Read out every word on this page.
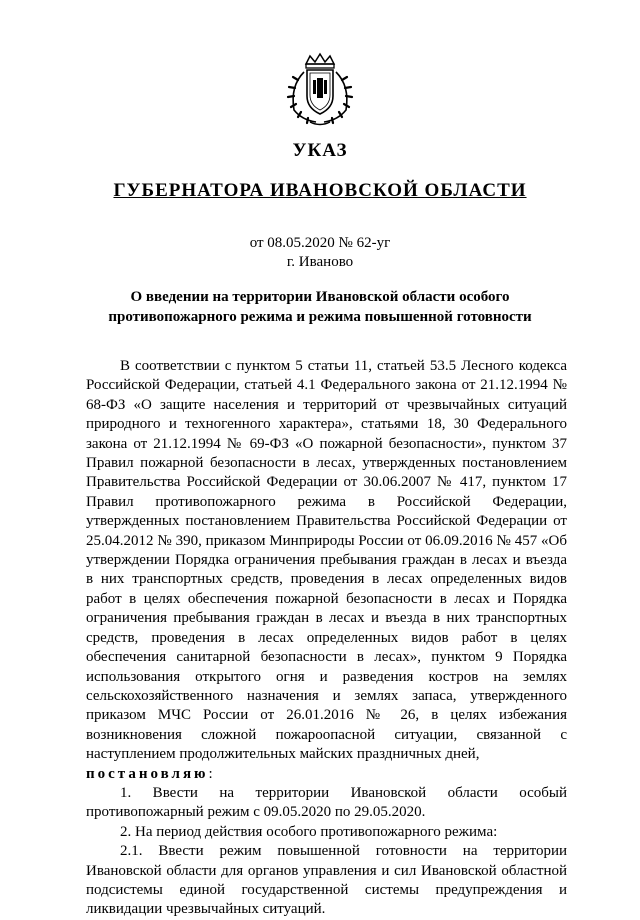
УКАЗ
ГУБЕРНАТОРА ИВАНОВСКОЙ ОБЛАСТИ
от 08.05.2020 № 62-уг
г. Иваново
О введении на территории Ивановской области особого
противопожарного режима и режима повышенной готовности

В соответствии с пунктом 5 статьи 11, статьей 53.5 Лесного кодекса Российской Федерации, статьей 4.1 Федерального закона от 21.12.1994 № 68-ФЗ «О защите населения и территорий от чрезвычайных ситуаций природного и техногенного характера», статьями 18, 30 Федерального закона от 21.12.1994 № 69-ФЗ «О пожарной безопасности», пунктом 37 Правил пожарной безопасности в лесах, утвержденных постановлением Правительства Российской Федерации от 30.06.2007 № 417, пунктом 17 Правил противопожарного режима в Российской Федерации, утвержденных постановлением Правительства Российской Федерации от 25.04.2012 № 390, приказом Минприроды России от 06.09.2016 № 457 «Об утверждении Порядка ограничения пребывания граждан в лесах и въезда в них транспортных средств, проведения в лесах определенных видов работ в целях обеспечения пожарной безопасности в лесах и Порядка ограничения пребывания граждан в лесах и въезда в них транспортных средств, проведения в лесах определенных видов работ в целях обеспечения санитарной безопасности в лесах», пунктом 9 Порядка использования открытого огня и разведения костров на землях сельскохозяйственного назначения и землях запаса, утвержденного приказом МЧС России от 26.01.2016 № 26, в целях избежания возникновения сложной пожароопасной ситуации, связанной с наступлением продолжительных майских праздничных дней,

постановляю:

1. Ввести на территории Ивановской области особый противопожарный режим с 09.05.2020 по 29.05.2020.

2. На период действия особого противопожарного режима:

2.1. Ввести режим повышенной готовности на территории Ивановской области для органов управления и сил Ивановской областной подсистемы единой государственной системы предупреждения и ликвидации чрезвычайных ситуаций.
